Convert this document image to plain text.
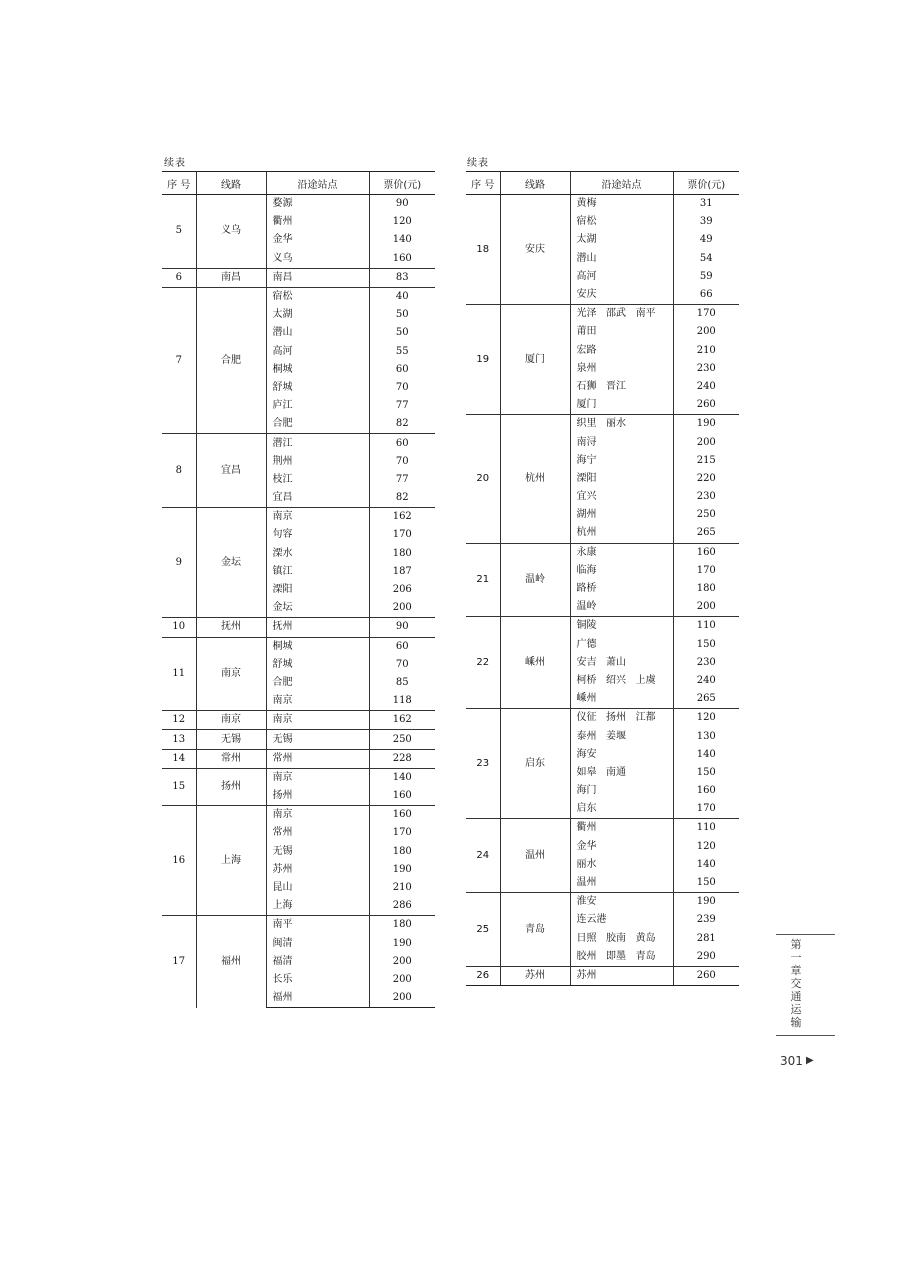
续表	续表
序 号	线路	沿途站点	票价(元)
5	义乌	婺源	90
		衢州	120
		金华	140
		义乌	160
6	南昌	南昌	83
7	合肥	宿松	40
		太湖	50
		潜山	50
		高河	55
		桐城	60
		舒城	70
		庐江	77
		合肥	82
8	宜昌	潜江	60
		荆州	70
		枝江	77
		宜昌	82
9	金坛	南京	162
		句容	170
		溧水	180
		镇江	187
		溧阳	206
		金坛	200
10	抚州	抚州	90
11	南京	桐城	60
		舒城	70
		合肥	85
		南京	118
12	南京	南京	162
13	无锡	无锡	250
14	常州	常州	228
15	扬州	南京	140
		扬州	160
16	上海	南京	160
		常州	170
		无锡	180
		苏州	190
		昆山	210
		上海	286
17	福州	南平	180
		闽清	190
		福清	200
		长乐	200
		福州	200
序 号	线路	沿途站点	票价(元)
18	安庆	黄梅	31
		宿松	39
		太湖	49
		潜山	54
		高河	59
		安庆	66
19	厦门	光泽   邵武   南平	170
		莆田	200
		宏路	210
		泉州	230
		石狮   晋江	240
		厦门	260
20	杭州	织里   丽水	190
		南浔	200
		海宁	215
		溧阳	220
		宜兴	230
		湖州	250
		杭州	265
21	温岭	永康	160
		临海	170
		路桥	180
		温岭	200
22	嵊州	铜陵	110
		广德	150
		安吉   萧山	230
		柯桥   绍兴   上虞	240
		嵊州	265
23	启东	仪征   扬州   江都	120
		泰州   姜堰	130
		海安	140
		如皋   南通	150
		海门	160
		启东	170
24	温州	衢州	110
		金华	120
		丽水	140
		温州	150
25	青岛	淮安	190
		连云港	239
		日照   胶南   黄岛	281
		胶州   即墨   青岛	290
26	苏州	苏州	260
第一章 交通运输
301 ▶
